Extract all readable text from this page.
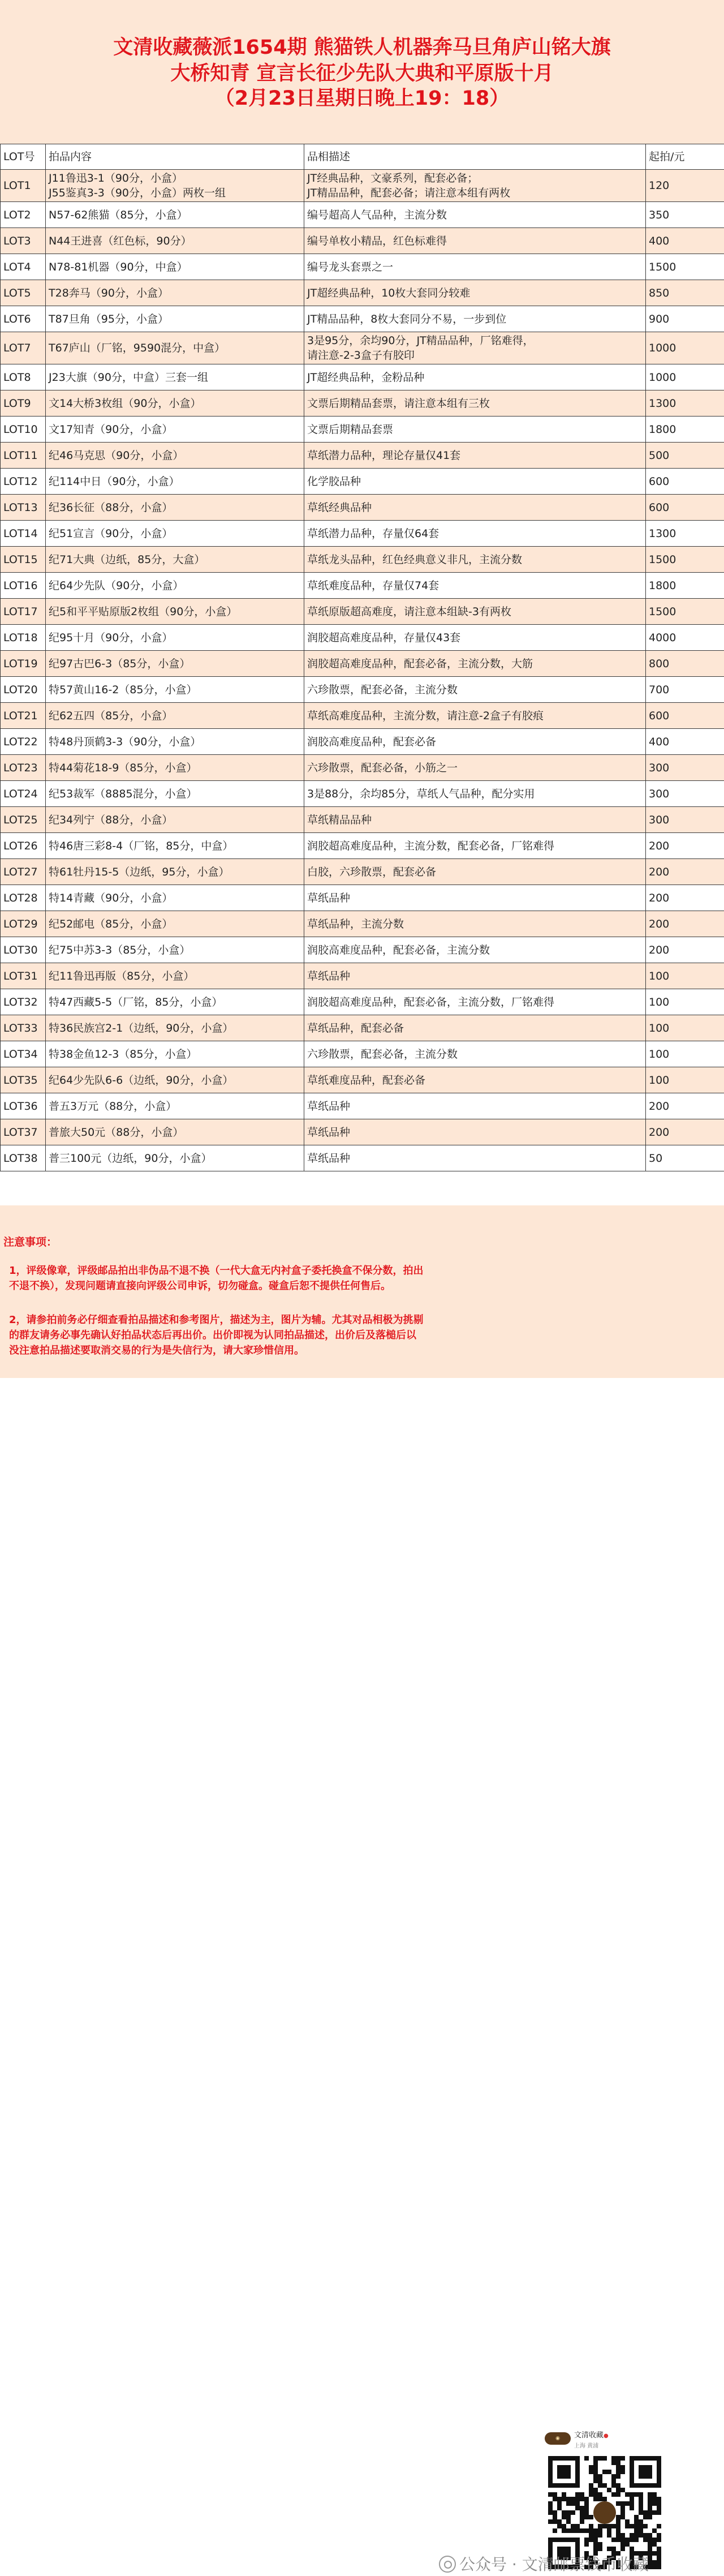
文清收藏薇派1654期 熊猫铁人机器奔马旦角庐山铭大旗
大桥知青 宣言长征少先队大典和平原版十月
（2月23日星期日晚上19：18）
LOT号	拍品内容	品相描述	起拍/元
LOT1	J11鲁迅3-1（90分，小盒）
J55鉴真3-3（90分，小盒）两枚一组	JT经典品种，文豪系列，配套必备；
JT精品品种，配套必备；请注意本组有两枚	120
LOT2	N57-62熊猫（85分，小盒）	编号超高人气品种，主流分数	350
LOT3	N44王进喜（红色标，90分）	编号单枚小精品，红色标难得	400
LOT4	N78-81机器（90分，中盒）	编号龙头套票之一	1500
LOT5	T28奔马（90分，小盒）	JT超经典品种，10枚大套同分较难	850
LOT6	T87旦角（95分，小盒）	JT精品品种，8枚大套同分不易，一步到位	900
LOT7	T67庐山（厂铭，9590混分，中盒）	3是95分，余均90分，JT精品品种，厂铭难得，
请注意-2-3盒子有胶印	1000
LOT8	J23大旗（90分，中盒）三套一组	JT超经典品种，金粉品种	1000
LOT9	文14大桥3枚组（90分，小盒）	文票后期精品套票，请注意本组有三枚	1300
LOT10	文17知青（90分，小盒）	文票后期精品套票	1800
LOT11	纪46马克思（90分，小盒）	草纸潜力品种，理论存量仅41套	500
LOT12	纪114中日（90分，小盒）	化学胶品种	600
LOT13	纪36长征（88分，小盒）	草纸经典品种	600
LOT14	纪51宣言（90分，小盒）	草纸潜力品种，存量仅64套	1300
LOT15	纪71大典（边纸，85分，大盒）	草纸龙头品种，红色经典意义非凡，主流分数	1500
LOT16	纪64少先队（90分，小盒）	草纸难度品种，存量仅74套	1800
LOT17	纪5和平平贴原版2枚组（90分，小盒）	草纸原版超高难度，请注意本组缺-3有两枚	1500
LOT18	纪95十月（90分，小盒）	润胶超高难度品种，存量仅43套	4000
LOT19	纪97古巴6-3（85分，小盒）	润胶超高难度品种，配套必备，主流分数，大筋	800
LOT20	特57黄山16-2（85分，小盒）	六珍散票，配套必备，主流分数	700
LOT21	纪62五四（85分，小盒）	草纸高难度品种，主流分数，请注意-2盒子有胶痕	600
LOT22	特48丹顶鹤3-3（90分，小盒）	润胶高难度品种，配套必备	400
LOT23	特44菊花18-9（85分，小盒）	六珍散票，配套必备，小筋之一	300
LOT24	纪53裁军（8885混分，小盒）	3是88分，余均85分，草纸人气品种，配分实用	300
LOT25	纪34列宁（88分，小盒）	草纸精品品种	300
LOT26	特46唐三彩8-4（厂铭，85分，中盒）	润胶超高难度品种，主流分数，配套必备，厂铭难得	200
LOT27	特61牡丹15-5（边纸，95分，小盒）	白胶，六珍散票，配套必备	200
LOT28	特14青藏（90分，小盒）	草纸品种	200
LOT29	纪52邮电（85分，小盒）	草纸品种，主流分数	200
LOT30	纪75中苏3-3（85分，小盒）	润胶高难度品种，配套必备，主流分数	200
LOT31	纪11鲁迅再版（85分，小盒）	草纸品种	100
LOT32	特47西藏5-5（厂铭，85分，小盒）	润胶超高难度品种，配套必备，主流分数，厂铭难得	100
LOT33	特36民族宫2-1（边纸，90分，小盒）	草纸品种，配套必备	100
LOT34	特38金鱼12-3（85分，小盒）	六珍散票，配套必备，主流分数	100
LOT35	纪64少先队6-6（边纸，90分，小盒）	草纸难度品种，配套必备	100
LOT36	普五3万元（88分，小盒）	草纸品种	200
LOT37	普旅大50元（88分，小盒）	草纸品种	200
LOT38	普三100元（边纸，90分，小盒）	草纸品种	50
注意事项：
1，评级像章，评级邮品拍出非伪品不退不换（一代大盒无内衬盒子委托换盒不保分数，拍出
不退不换），发现问题请直接向评级公司申诉，切勿碰盒。碰盒后恕不提供任何售后。
2，请参拍前务必仔细查看拍品描述和参考图片，描述为主，图片为辅。尤其对品相极为挑剔
的群友请务必事先确认好拍品状态后再出价。出价即视为认同拍品描述，出价后及落槌后以
没注意拍品描述要取消交易的行为是失信行为，请大家珍惜信用。
◉	文清收藏●
上海 黄浦
公众号 · 文清邮票钱币收藏
